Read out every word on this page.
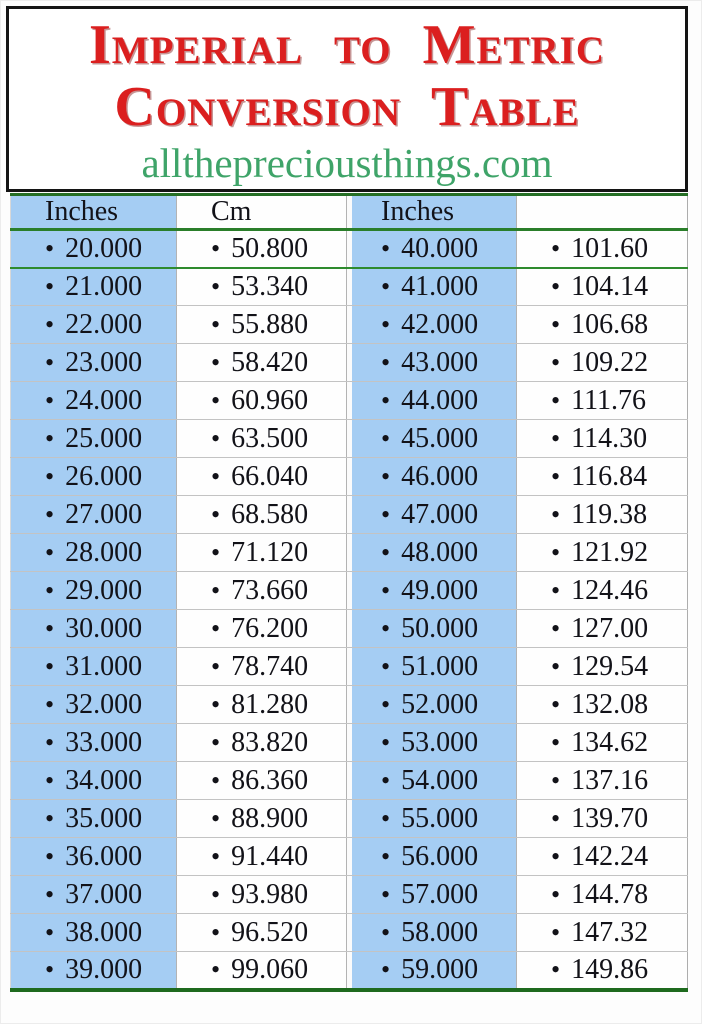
Imperial to Metric
Conversion Table
allthepreciousthings.com
Inches	Cm	Inches	
• 20.000	• 50.800	• 40.000	• 101.60
• 21.000	• 53.340	• 41.000	• 104.14
• 22.000	• 55.880	• 42.000	• 106.68
• 23.000	• 58.420	• 43.000	• 109.22
• 24.000	• 60.960	• 44.000	• 111.76
• 25.000	• 63.500	• 45.000	• 114.30
• 26.000	• 66.040	• 46.000	• 116.84
• 27.000	• 68.580	• 47.000	• 119.38
• 28.000	• 71.120	• 48.000	• 121.92
• 29.000	• 73.660	• 49.000	• 124.46
• 30.000	• 76.200	• 50.000	• 127.00
• 31.000	• 78.740	• 51.000	• 129.54
• 32.000	• 81.280	• 52.000	• 132.08
• 33.000	• 83.820	• 53.000	• 134.62
• 34.000	• 86.360	• 54.000	• 137.16
• 35.000	• 88.900	• 55.000	• 139.70
• 36.000	• 91.440	• 56.000	• 142.24
• 37.000	• 93.980	• 57.000	• 144.78
• 38.000	• 96.520	• 58.000	• 147.32
• 39.000	• 99.060	• 59.000	• 149.86
